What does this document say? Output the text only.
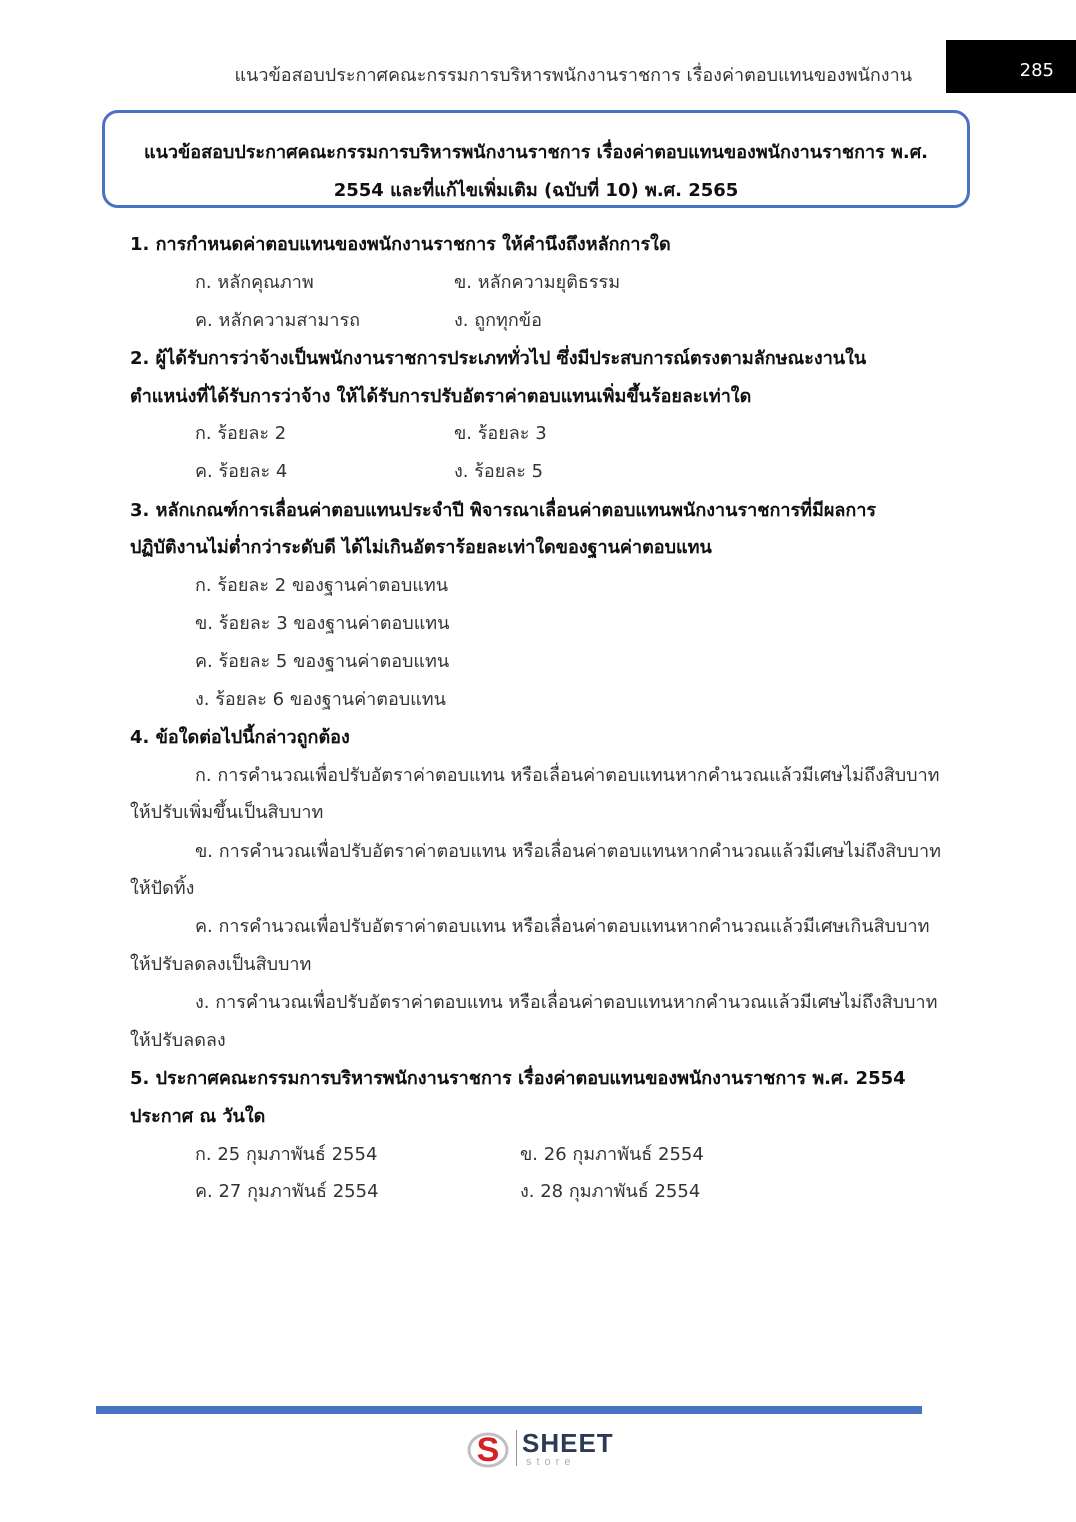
แนวข้อสอบประกาศคณะกรรมการบริหารพนักงานราชการ เรื่องค่าตอบแทนของพนักงาน	285
แนวข้อสอบประกาศคณะกรรมการบริหารพนักงานราชการ เรื่องค่าตอบแทนของพนักงานราชการ พ.ศ.
2554 และที่แก้ไขเพิ่มเติม (ฉบับที่ 10) พ.ศ. 2565
1. การกำหนดค่าตอบแทนของพนักงานราชการ ให้คำนึงถึงหลักการใด
ก. หลักคุณภาพ	ข. หลักความยุติธรรม
ค. หลักความสามารถ	ง. ถูกทุกข้อ
2. ผู้ได้รับการว่าจ้างเป็นพนักงานราชการประเภททั่วไป ซึ่งมีประสบการณ์ตรงตามลักษณะงานใน
ตำแหน่งที่ได้รับการว่าจ้าง ให้ได้รับการปรับอัตราค่าตอบแทนเพิ่มขึ้นร้อยละเท่าใด
ก. ร้อยละ 2	ข. ร้อยละ 3
ค. ร้อยละ 4	ง. ร้อยละ 5
3. หลักเกณฑ์การเลื่อนค่าตอบแทนประจำปี พิจารณาเลื่อนค่าตอบแทนพนักงานราชการที่มีผลการ
ปฏิบัติงานไม่ต่ำกว่าระดับดี ได้ไม่เกินอัตราร้อยละเท่าใดของฐานค่าตอบแทน
ก. ร้อยละ 2 ของฐานค่าตอบแทน
ข. ร้อยละ 3 ของฐานค่าตอบแทน
ค. ร้อยละ 5 ของฐานค่าตอบแทน
ง. ร้อยละ 6 ของฐานค่าตอบแทน
4. ข้อใดต่อไปนี้กล่าวถูกต้อง
ก. การคำนวณเพื่อปรับอัตราค่าตอบแทน หรือเลื่อนค่าตอบแทนหากคำนวณแล้วมีเศษไม่ถึงสิบบาท
ให้ปรับเพิ่มขึ้นเป็นสิบบาท
ข. การคำนวณเพื่อปรับอัตราค่าตอบแทน หรือเลื่อนค่าตอบแทนหากคำนวณแล้วมีเศษไม่ถึงสิบบาท
ให้ปัดทิ้ง
ค. การคำนวณเพื่อปรับอัตราค่าตอบแทน หรือเลื่อนค่าตอบแทนหากคำนวณแล้วมีเศษเกินสิบบาท
ให้ปรับลดลงเป็นสิบบาท
ง. การคำนวณเพื่อปรับอัตราค่าตอบแทน หรือเลื่อนค่าตอบแทนหากคำนวณแล้วมีเศษไม่ถึงสิบบาท
ให้ปรับลดลง
5. ประกาศคณะกรรมการบริหารพนักงานราชการ เรื่องค่าตอบแทนของพนักงานราชการ พ.ศ. 2554
ประกาศ ณ วันใด
ก. 25 กุมภาพันธ์ 2554	ข. 26 กุมภาพันธ์ 2554
ค. 27 กุมภาพันธ์ 2554	ง. 28 กุมภาพันธ์ 2554
S SHEET
store
